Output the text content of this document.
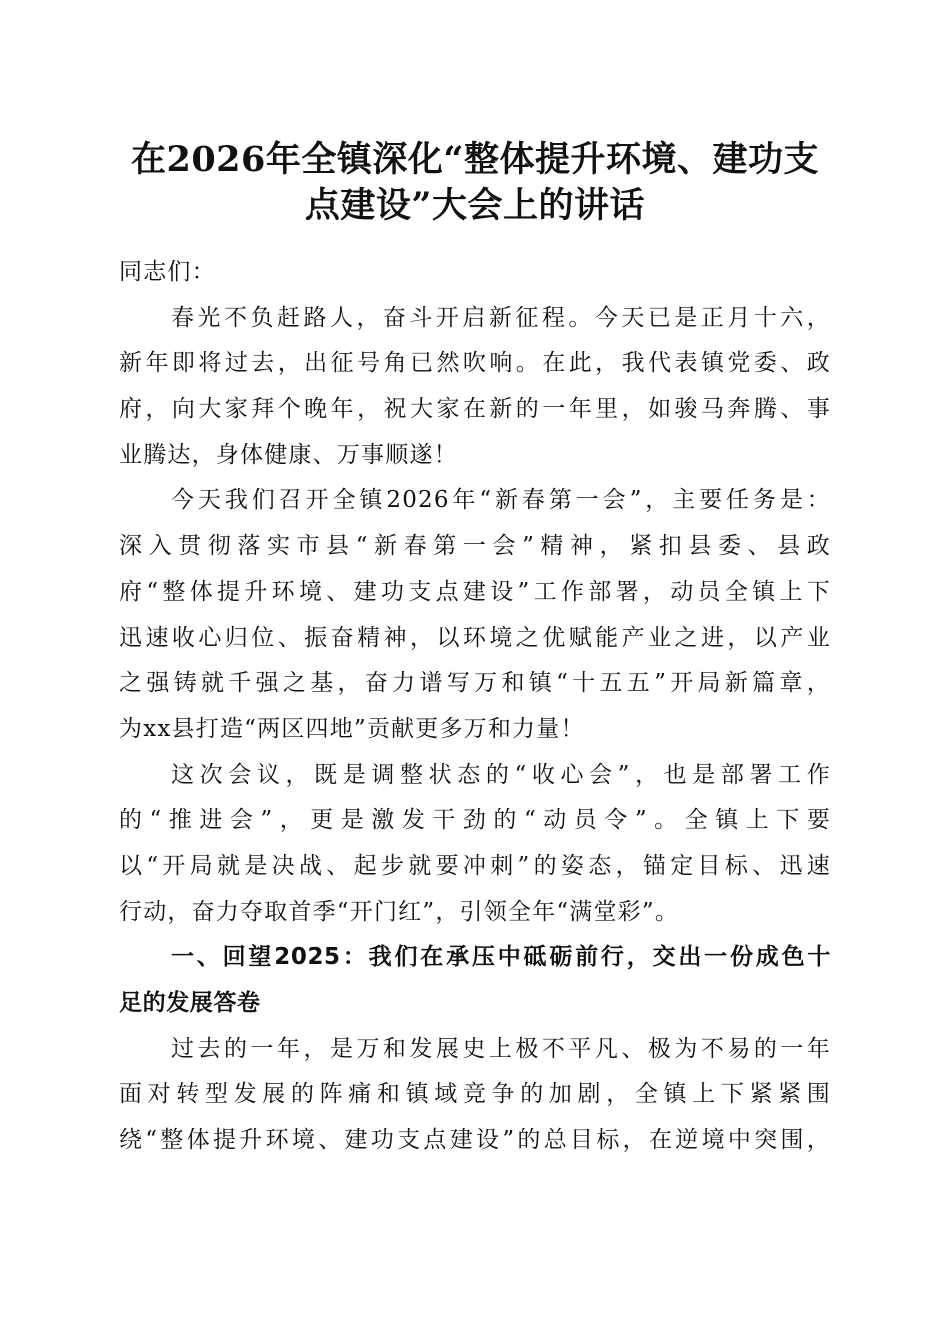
在2026年全镇深化“整体提升环境、建功支
点建设”大会上的讲话
同志们：
春光不负赶路人，奋斗开启新征程。今天已是正月十六，
新年即将过去，出征号角已然吹响。在此，我代表镇党委、政
府，向大家拜个晚年，祝大家在新的一年里，如骏马奔腾、事
业腾达，身体健康、万事顺遂！
今天我们召开全镇2026年“新春第一会”，主要任务是：
深入贯彻落实市县“新春第一会”精神，紧扣县委、县政
府“整体提升环境、建功支点建设”工作部署，动员全镇上下
迅速收心归位、振奋精神，以环境之优赋能产业之进，以产业
之强铸就千强之基，奋力谱写万和镇“十五五”开局新篇章，
为xx县打造“两区四地”贡献更多万和力量！
这次会议，既是调整状态的“收心会”，也是部署工作
的“推进会”，更是激发干劲的“动员令”。全镇上下要
以“开局就是决战、起步就要冲刺”的姿态，锚定目标、迅速
行动，奋力夺取首季“开门红”，引领全年“满堂彩”。
一、回望2025：我们在承压中砥砺前行，交出一份成色十
足的发展答卷
过去的一年，是万和发展史上极不平凡、极为不易的一年
面对转型发展的阵痛和镇域竞争的加剧，全镇上下紧紧围
绕“整体提升环境、建功支点建设”的总目标，在逆境中突围，
